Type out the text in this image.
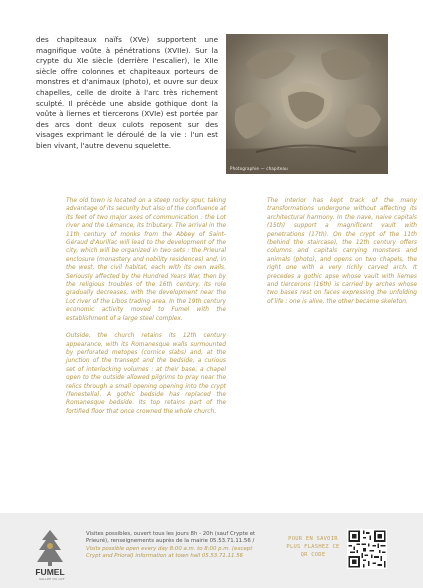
des chapiteaux naïfs (XVe) supportent une magnifique voûte à pénétrations (XVIIe). Sur la crypte du XIe siècle (derrière l'escalier), le XIIe siècle offre colonnes et chapiteaux porteurs de monstres et d'animaux (photo), et ouvre sur deux chapelles, celle de droite à l'arc très richement sculpté. Il précède une abside gothique dont la voûte à liernes et tiercerons (XVIe) est portée par des arcs dont deux culots reposent sur des visages exprimant le déroulé de la vie : l'un est bien vivant, l'autre devenu squelette.
Photographie — chapiteau

The old town is located on a steep rocky spur, taking advantage of its security but also of the confluence at its feet of two major axes of communication : the Lot river and the Lémance, its tributary. The arrival in the 11th century of monks from the Abbey of Saint-Géraud d'Aurillac will lead to the development of the city, which will be organized in two sets : the Prieural enclosure (monastery and nobility residences) and, in the west, the civil habitat, each with its own walls. Seriously affected by the Hundred Years War, then by the religious troubles of the 16th century, its role gradually decreases, with the development near the Lot river of the Libos trading area. In the 19th century economic activity moved to Fumel with the establishment of a large steel complex.

Outside, the church retains its 12th century appearance, with its Romanesque walls surmounted by perforated metopes (cornice slabs) and, at the junction of the transept and the bedside, a curious set of interlocking volumes : at their base, a chapel open to the outside allowed pilgrims to pray near the relics through a small opening opening into the crypt (fenestella). A gothic bedside has replaced the Romanesque bedside. Its top retains part of the fortified floor that once crowned the whole church.

The interior has kept track of the many transformations undergone without affecting its architectural harmony. In the nave, naive capitals (15th) support a magnificent vault with penetrations (17th). On the crypt of the 11th (behind the staircase), the 12th century offers columns and capitals carrying monsters and animals (photo), and opens on two chapels, the right one with a very richly carved arch. It precedes a gothic apse whose vault with liernes and tiercerons (16th) is carried by arches whose two bases rest on faces expressing the unfolding of life : one is alive, the other became skeleton.
FUMEL
VALLÉE DU LOT
Visites possibles, ouvert tous les jours 8h - 20h (sauf Crypte et Prieuré), renseignements auprès de la mairie 05.53.71.11.56 / Visits possible open every day 8:00 a.m. to 8:00 p.m. (except Crypt and Prioral) information at town hall 05.53.71.11.56
POUR EN SAVOIR PLUS FLASHEZ CE QR CODE
